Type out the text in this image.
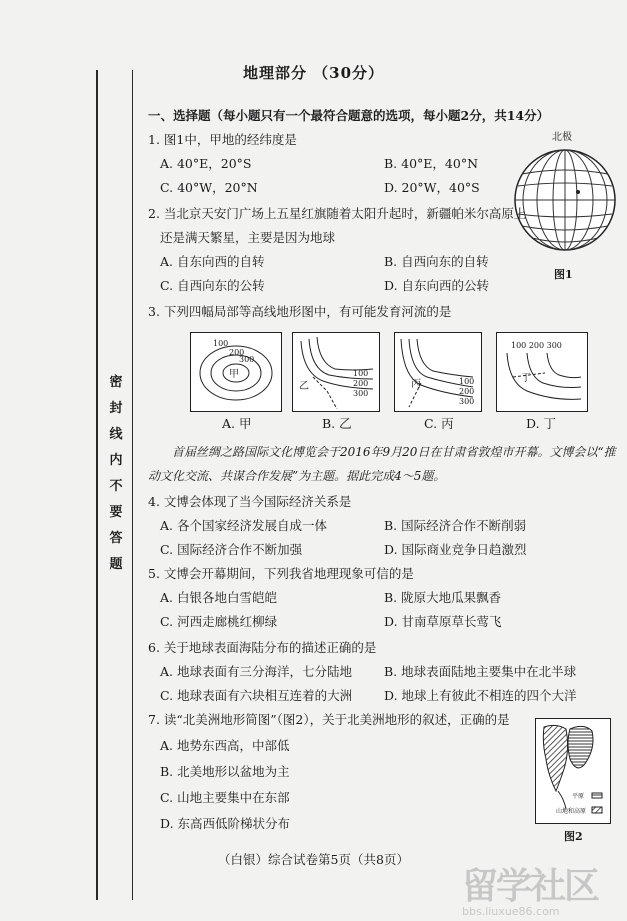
密
封
线
内
不
要
答
题
地理部分 （30分）
一、选择题（每小题只有一个最符合题意的选项，每小题2分，共14分）
1. 图1中，甲地的经纬度是
A. 40°E，20°S	B. 40°E，40°N
C. 40°W，20°N	D. 20°W，40°S
北极
图1
2. 当北京天安门广场上五星红旗随着太阳升起时，新疆帕米尔高原上
还是满天繁星，主要是因为地球
A. 自东向西的自转	B. 自西向东的自转
C. 自西向东的公转	D. 自东向西的公转
3. 下列四幅局部等高线地形图中，有可能发育河流的是
100
200
300
甲
乙
100
200
300
丙	100
200
300
100 200 300
丁
A. 甲	B. 乙	C. 丙	D. 丁
首届丝绸之路国际文化博览会于2016年9月20日在甘肃省敦煌市开幕。文博会以“推
动文化交流、共谋合作发展”为主题。据此完成4～5题。
4. 文博会体现了当今国际经济关系是
A. 各个国家经济发展自成一体	B. 国际经济合作不断削弱
C. 国际经济合作不断加强	D. 国际商业竞争日趋激烈
5. 文博会开幕期间，下列我省地理现象可信的是
A. 白银各地白雪皑皑	B. 陇原大地瓜果飘香
C. 河西走廊桃红柳绿	D. 甘南草原草长莺飞
6. 关于地球表面海陆分布的描述正确的是
A. 地球表面有三分海洋，七分陆地	B. 地球表面陆地主要集中在北半球
C. 地球表面有六块相互连着的大洲	D. 地球上有彼此不相连的四个大洋
7. 读“北美洲地形简图”（图2），关于北美洲地形的叙述，正确的是
A. 地势东西高，中部低
B. 北美地形以盆地为主
C. 山地主要集中在东部
D. 东高西低阶梯状分布
平原
山地和高原
图2
（白银）综合试卷第5页（共8页）
留学社区
bbs.liuxue86.com
